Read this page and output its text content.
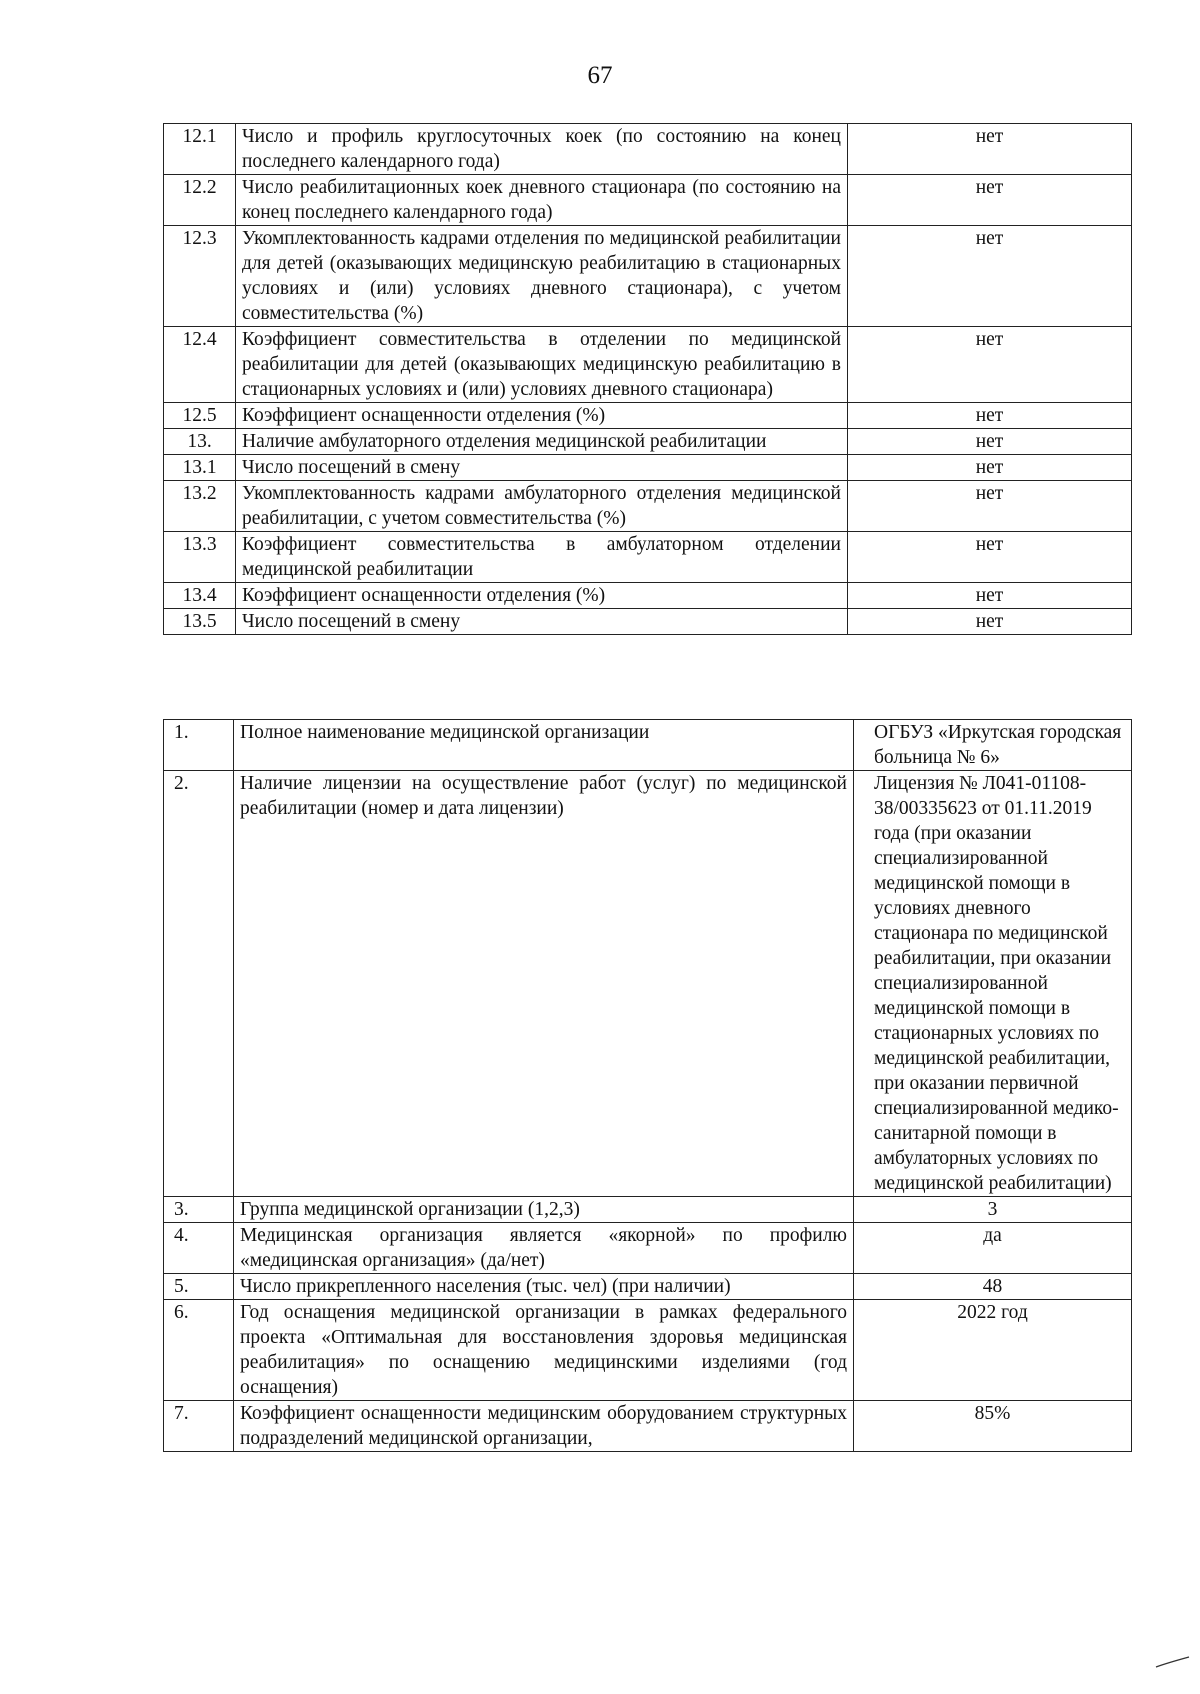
67
12.1	Число и профиль круглосуточных коек (по состоянию на конец последнего календарного года)	нет
12.2	Число реабилитационных коек дневного стационара (по состоянию на конец последнего календарного года)	нет
12.3	Укомплектованность кадрами отделения по медицинской реабилитации для детей (оказывающих медицинскую реабилитацию в стационарных условиях и (или) условиях дневного стационара), с учетом совместительства (%)	нет
12.4	Коэффициент совместительства в отделении по медицинской реабилитации для детей (оказывающих медицинскую реабилитацию в стационарных условиях и (или) условиях дневного стационара)	нет
12.5	Коэффициент оснащенности отделения (%)	нет
13.	Наличие амбулаторного отделения медицинской реабилитации	нет
13.1	Число посещений в смену	нет
13.2	Укомплектованность кадрами амбулаторного отделения медицинской реабилитации, с учетом совместительства (%)	нет
13.3	Коэффициент совместительства в амбулаторном отделении медицинской реабилитации	нет
13.4	Коэффициент оснащенности отделения (%)	нет
13.5	Число посещений в смену	нет
1.	Полное наименование медицинской организации	ОГБУЗ «Иркутская городская больница № 6»
2.	Наличие лицензии на осуществление работ (услуг) по медицинской реабилитации (номер и дата лицензии)	Лицензия № Л041-01108-38/00335623 от 01.11.2019 года (при оказании специализированной медицинской помощи в условиях дневного стационара по медицинской реабилитации, при оказании специализированной медицинской помощи в стационарных условиях по медицинской реабилитации, при оказании первичной специализированной медико-санитарной помощи в амбулаторных условиях по медицинской реабилитации)
3.	Группа медицинской организации (1,2,3)	3
4.	Медицинская организация является «якорной» по профилю «медицинская организация» (да/нет)	да
5.	Число прикрепленного населения (тыс. чел) (при наличии)	48
6.	Год оснащения медицинской организации в рамках федерального проекта «Оптимальная для восстановления здоровья медицинская реабилитация» по оснащению медицинскими изделиями (год оснащения)	2022 год
7.	Коэффициент оснащенности медицинским оборудованием структурных подразделений медицинской организации,	85%
